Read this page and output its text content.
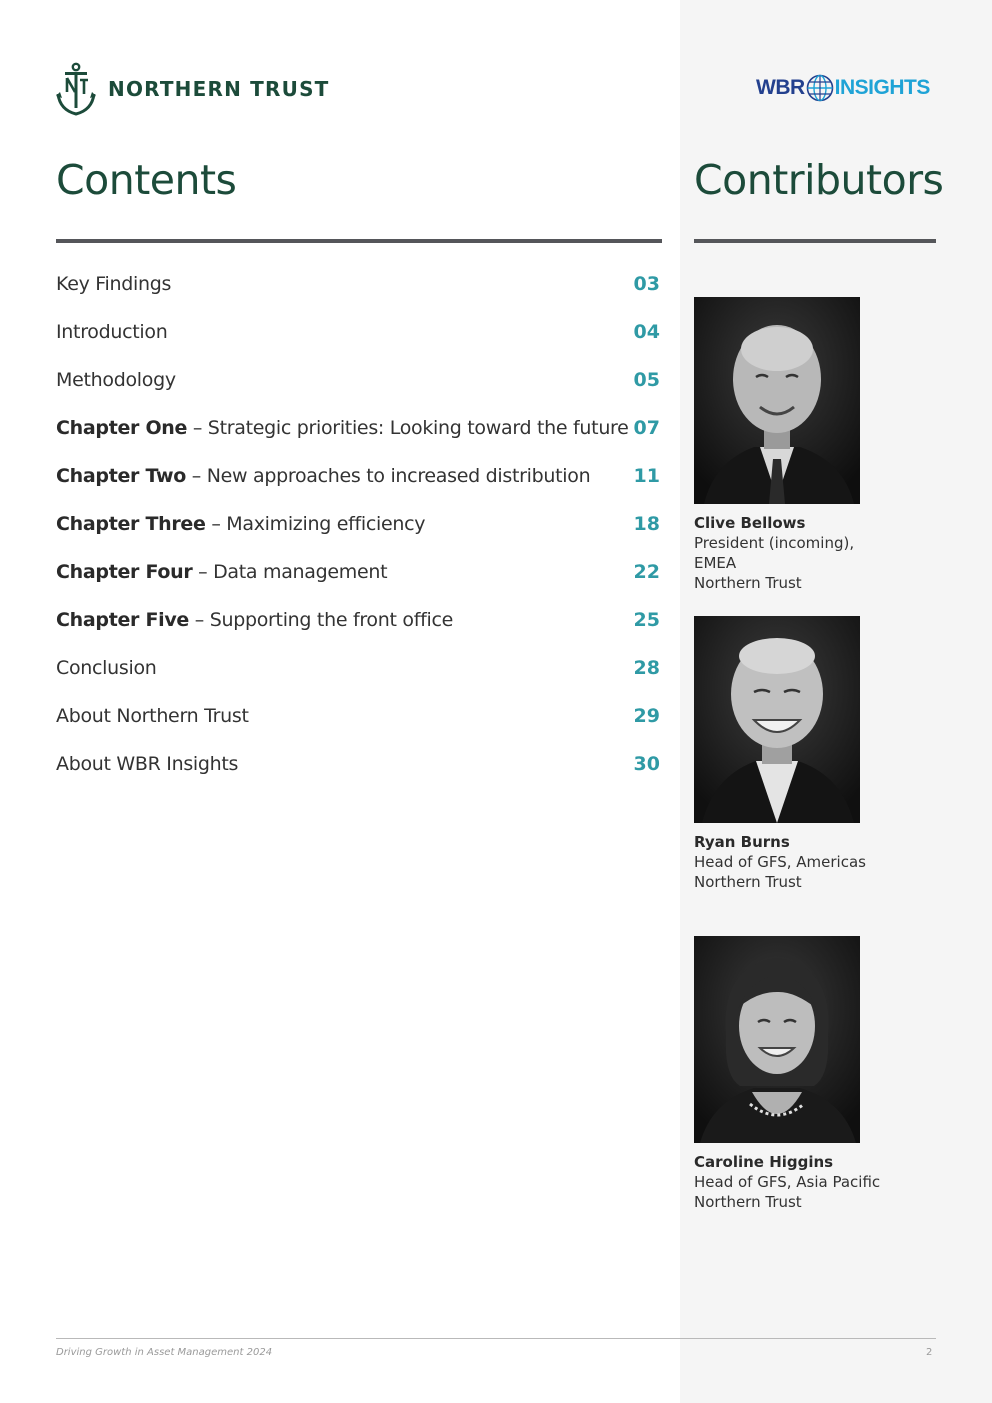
NORTHERN TRUST	WBR INSIGHTS
Contents	Contributors
Key Findings	03
Introduction	04
Methodology	05
Chapter One – Strategic priorities: Looking toward the future 07
Chapter Two – New approaches to increased distribution 11
Chapter Three – Maximizing efficiency	18
Chapter Four – Data management	22
Chapter Five – Supporting the front office	25
Conclusion	28
About Northern Trust	29
About WBR Insights	30
Clive Bellows
President (incoming),
EMEA
Northern Trust
Ryan Burns
Head of GFS, Americas
Northern Trust
Caroline Higgins
Head of GFS, Asia Pacific
Northern Trust
Driving Growth in Asset Management 2024	2
